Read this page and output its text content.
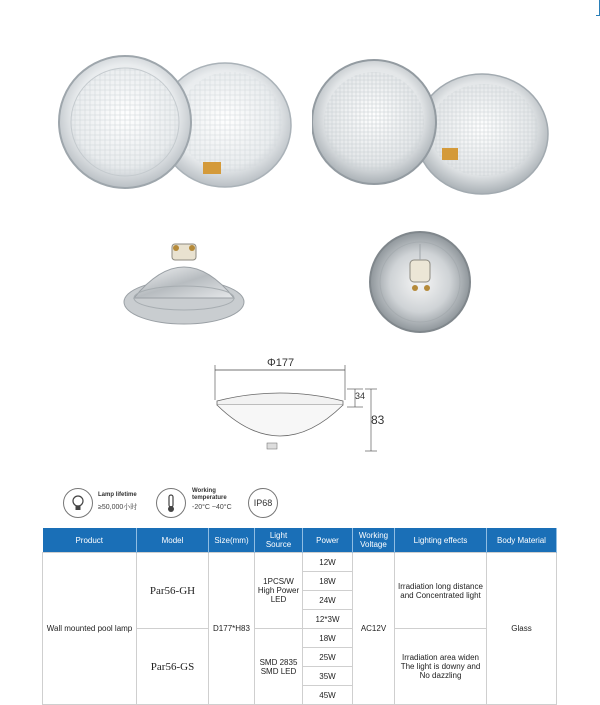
Φ177
34
83
Lamp lifetime
≥50,000小时
Working
temperature
-20°C ~40°C	IP68
Product	Model	Size(mm)	Light Source	Power	Working Voltage	Lighting effects	Body Material
Wall mounted pool lamp	Par56-GH	D177*H83	1PCS/W High Power LED	12W	AC12V	Irradiation long distance and Concentrated light	Glass
				18W			
				24W			
				12*3W			
	Par56-GS		SMD 2835 SMD LED	18W		Irradiation area widen The light is downy and No dazzling	
				25W			
				35W			
				45W			
